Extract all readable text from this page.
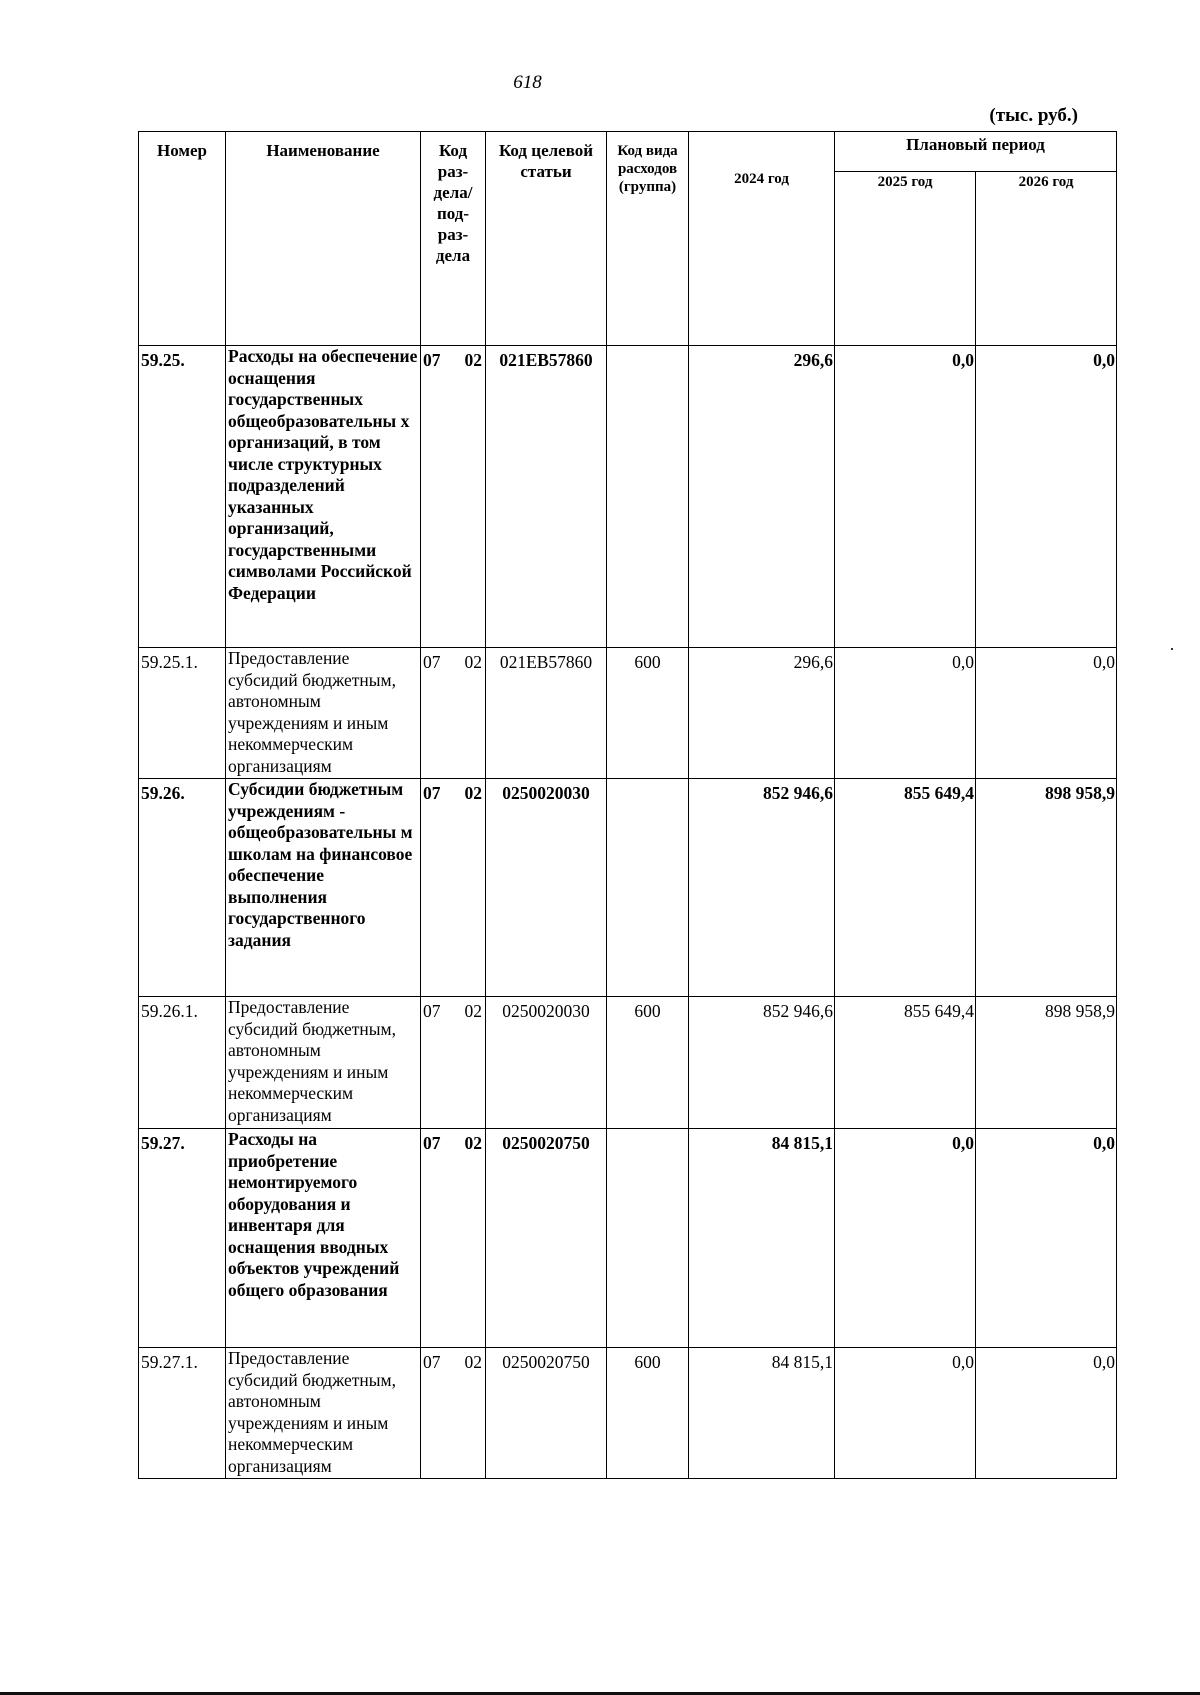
618
(тыс. руб.)
Номер	Наименование	Код раз- дела/ под- раз- дела	Код целевой статьи	Код вида расходов (группа)	2024 год	Плановый период	
						2025 год	2026 год
59.25.	Расходы на обеспечение оснащения государственных общеобразовательны х организаций, в том числе структурных подразделений указанных организаций, государственными символами Российской Федерации	07 02	021EB57860		296,6	0,0	0,0
59.25.1.	Предоставление субсидий бюджетным, автономным учреждениям и иным некоммерческим организациям	07 02	021EB57860	600	296,6	0,0	0,0
59.26.	Субсидии бюджетным учреждениям - общеобразовательны м школам на финансовое обеспечение выполнения государственного задания	07 02	0250020030		852 946,6	855 649,4	898 958,9
59.26.1.	Предоставление субсидий бюджетным, автономным учреждениям и иным некоммерческим организациям	07 02	0250020030	600	852 946,6	855 649,4	898 958,9
59.27.	Расходы на приобретение немонтируемого оборудования и инвентаря для оснащения вводных объектов учреждений общего образования	07 02	0250020750		84 815,1	0,0	0,0
59.27.1.	Предоставление субсидий бюджетным, автономным учреждениям и иным некоммерческим организациям	07 02	0250020750	600	84 815,1	0,0	0,0
